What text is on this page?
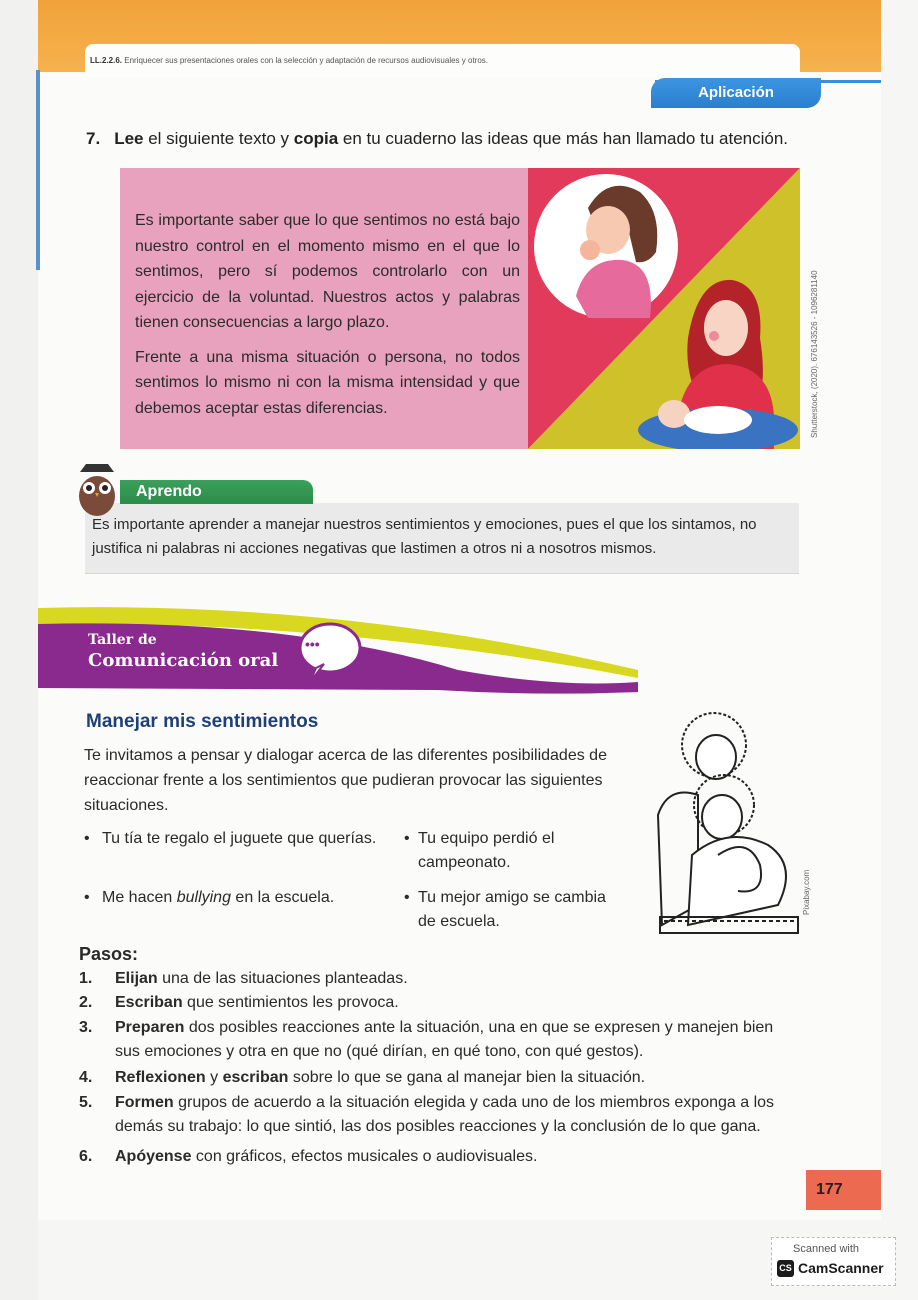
LL.2.2.6. Enriquecer sus presentaciones orales con la selección y adaptación de recursos audiovisuales y otros.
Aplicación
7. Lee el siguiente texto y copia en tu cuaderno las ideas que más han llamado tu atención.

Es importante saber que lo que sentimos no está bajo nuestro control en el momento mismo en el que lo sentimos, pero sí podemos controlarlo con un ejercicio de la voluntad. Nuestros actos y palabras tienen consecuencias a largo plazo.

Frente a una misma situación o persona, no todos sentimos lo mismo ni con la misma intensidad y que debemos aceptar estas diferencias.	Shutterstock, (2020). 676143526 - 1096281140
Aprendo
Es importante aprender a manejar nuestros sentimientos y emociones, pues el que los sintamos, no justifica ni palabras ni acciones negativas que lastimen a otros ni a nosotros mismos.
•••
Taller de
Comunicación oral
Manejar mis sentimientos
Te invitamos a pensar y dialogar acerca de las diferentes posibilidades de reaccionar frente a los sentimientos que pudieran provocar las siguientes situaciones.
• Tu tía te regalo el juguete que querías. • Tu equipo perdió el
campeonato.
• Me hacen bullying en la escuela.	• Tu mejor amigo se cambia
de escuela.
Pixabay.com
Pasos:
1. Elijan una de las situaciones planteadas.
2. Escriban que sentimientos les provoca.
3. Preparen dos posibles reacciones ante la situación, una en que se expresen y manejen bien sus emociones y otra en que no (qué dirían, en qué tono, con qué gestos).
4. Reflexionen y escriban sobre lo que se gana al manejar bien la situación.
5. Formen grupos de acuerdo a la situación elegida y cada uno de los miembros exponga a los demás su trabajo: lo que sintió, las dos posibles reacciones y la conclusión de lo que gana.
6. Apóyense con gráficos, efectos musicales o audiovisuales.
177
Scanned with
CS CamScanner
